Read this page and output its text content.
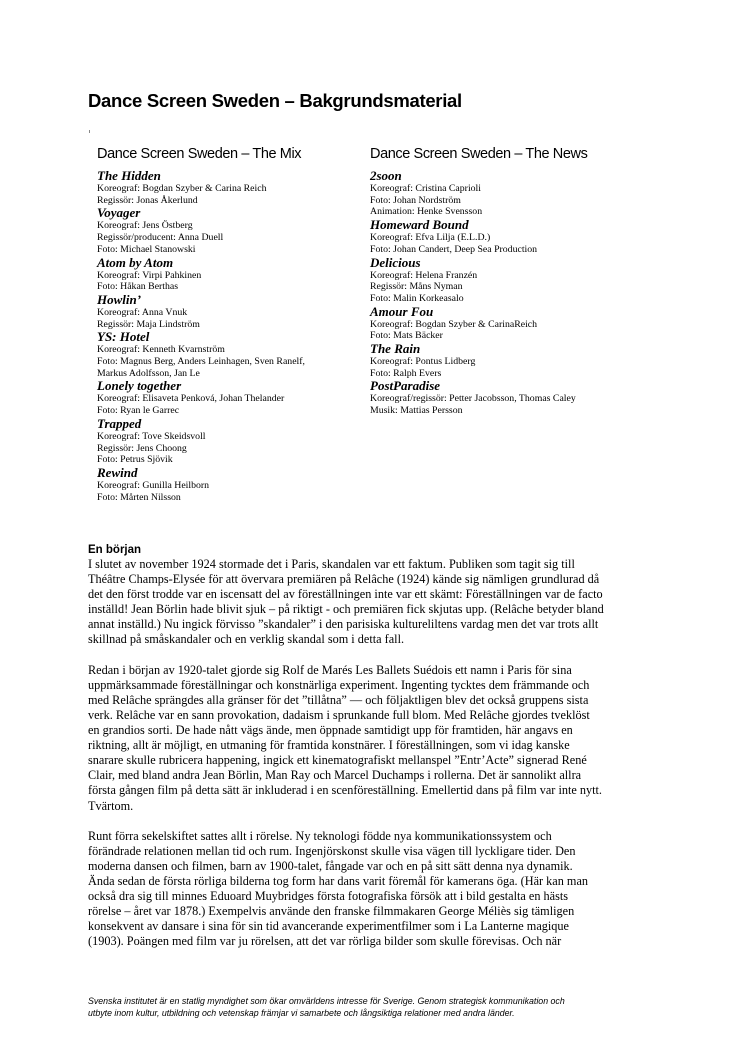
Dance Screen Sweden – Bakgrundsmaterial
Dance Screen Sweden – The Mix
The Hidden
Koreograf: Bogdan Szyber & Carina Reich
Regissör: Jonas Åkerlund
Voyager
Koreograf: Jens Östberg
Regissör/producent: Anna Duell
Foto: Michael Stanowski
Atom by Atom
Koreograf: Virpi Pahkinen
Foto: Håkan Berthas
Howlin’
Koreograf: Anna Vnuk
Regissör: Maja Lindström
YS: Hotel
Koreograf: Kenneth Kvarnström
Foto: Magnus Berg, Anders Leinhagen, Sven Ranelf,
Markus Adolfsson, Jan Le
Lonely together
Koreograf: Elisaveta Penková, Johan Thelander
Foto: Ryan le Garrec
Trapped
Koreograf: Tove Skeidsvoll
Regissör: Jens Choong
Foto: Petrus Sjövik
Rewind
Koreograf: Gunilla Heilborn
Foto: Mårten Nilsson
Dance Screen Sweden – The News
2soon
Koreograf: Cristina Caprioli
Foto: Johan Nordström
Animation: Henke Svensson
Homeward Bound
Koreograf: Efva Lilja (E.L.D.)
Foto: Johan Candert, Deep Sea Production
Delicious
Koreograf: Helena Franzén
Regissör: Måns Nyman
Foto: Malin Korkeasalo
Amour Fou
Koreograf: Bogdan Szyber & CarinaReich
Foto: Mats Bäcker
The Rain
Koreograf: Pontus Lidberg
Foto: Ralph Evers
PostParadise
Koreograf/regissör: Petter Jacobsson, Thomas Caley
Musik: Mattias Persson
En början
I slutet av november 1924 stormade det i Paris, skandalen var ett faktum. Publiken som tagit sig till
Théâtre Champs-Elysée för att övervara premiären på Relâche (1924) kände sig nämligen grundlurad då
det den först trodde var en iscensatt del av föreställningen inte var ett skämt: Föreställningen var de facto
inställd! Jean Börlin hade blivit sjuk – på riktigt - och premiären fick skjutas upp. (Relâche betyder bland
annat inställd.) Nu ingick förvisso ”skandaler” i den parisiska kultureliltens vardag men det var trots allt
skillnad på småskandaler och en verklig skandal som i detta fall.
Redan i början av 1920-talet gjorde sig Rolf de Marés Les Ballets Suédois ett namn i Paris för sina
uppmärksammade föreställningar och konstnärliga experiment. Ingenting tycktes dem främmande och
med Relâche sprängdes alla gränser för det ”tillåtna” — och följaktligen blev det också gruppens sista
verk. Relâche var en sann provokation, dadaism i sprunkande full blom. Med Relâche gjordes tveklöst
en grandios sorti. De hade nått vägs ände, men öppnade samtidigt upp för framtiden, här angavs en
riktning, allt är möjligt, en utmaning för framtida konstnärer. I föreställningen, som vi idag kanske
snarare skulle rubricera happening, ingick ett kinematografiskt mellanspel ”Entr’Acte” signerad René
Clair, med bland andra Jean Börlin, Man Ray och Marcel Duchamps i rollerna. Det är sannolikt allra
första gången film på detta sätt är inkluderad i en scenföreställning. Emellertid dans på film var inte nytt.
Tvärtom.
Runt förra sekelskiftet sattes allt i rörelse. Ny teknologi födde nya kommunikationssystem och
förändrade relationen mellan tid och rum. Ingenjörskonst skulle visa vägen till lyckligare tider. Den
moderna dansen och filmen, barn av 1900-talet, fångade var och en på sitt sätt denna nya dynamik.
Ända sedan de första rörliga bilderna tog form har dans varit föremål för kamerans öga. (Här kan man
också dra sig till minnes Eduoard Muybridges första fotografiska försök att i bild gestalta en hästs
rörelse – året var 1878.) Exempelvis använde den franske filmmakaren George Méliès sig tämligen
konsekvent av dansare i sina för sin tid avancerande experimentfilmer som i La Lanterne magique
(1903). Poängen med film var ju rörelsen, att det var rörliga bilder som skulle förevisas. Och när
Svenska institutet är en statlig myndighet som ökar omvärldens intresse för Sverige. Genom strategisk kommunikation och
utbyte inom kultur, utbildning och vetenskap främjar vi samarbete och långsiktiga relationer med andra länder.
